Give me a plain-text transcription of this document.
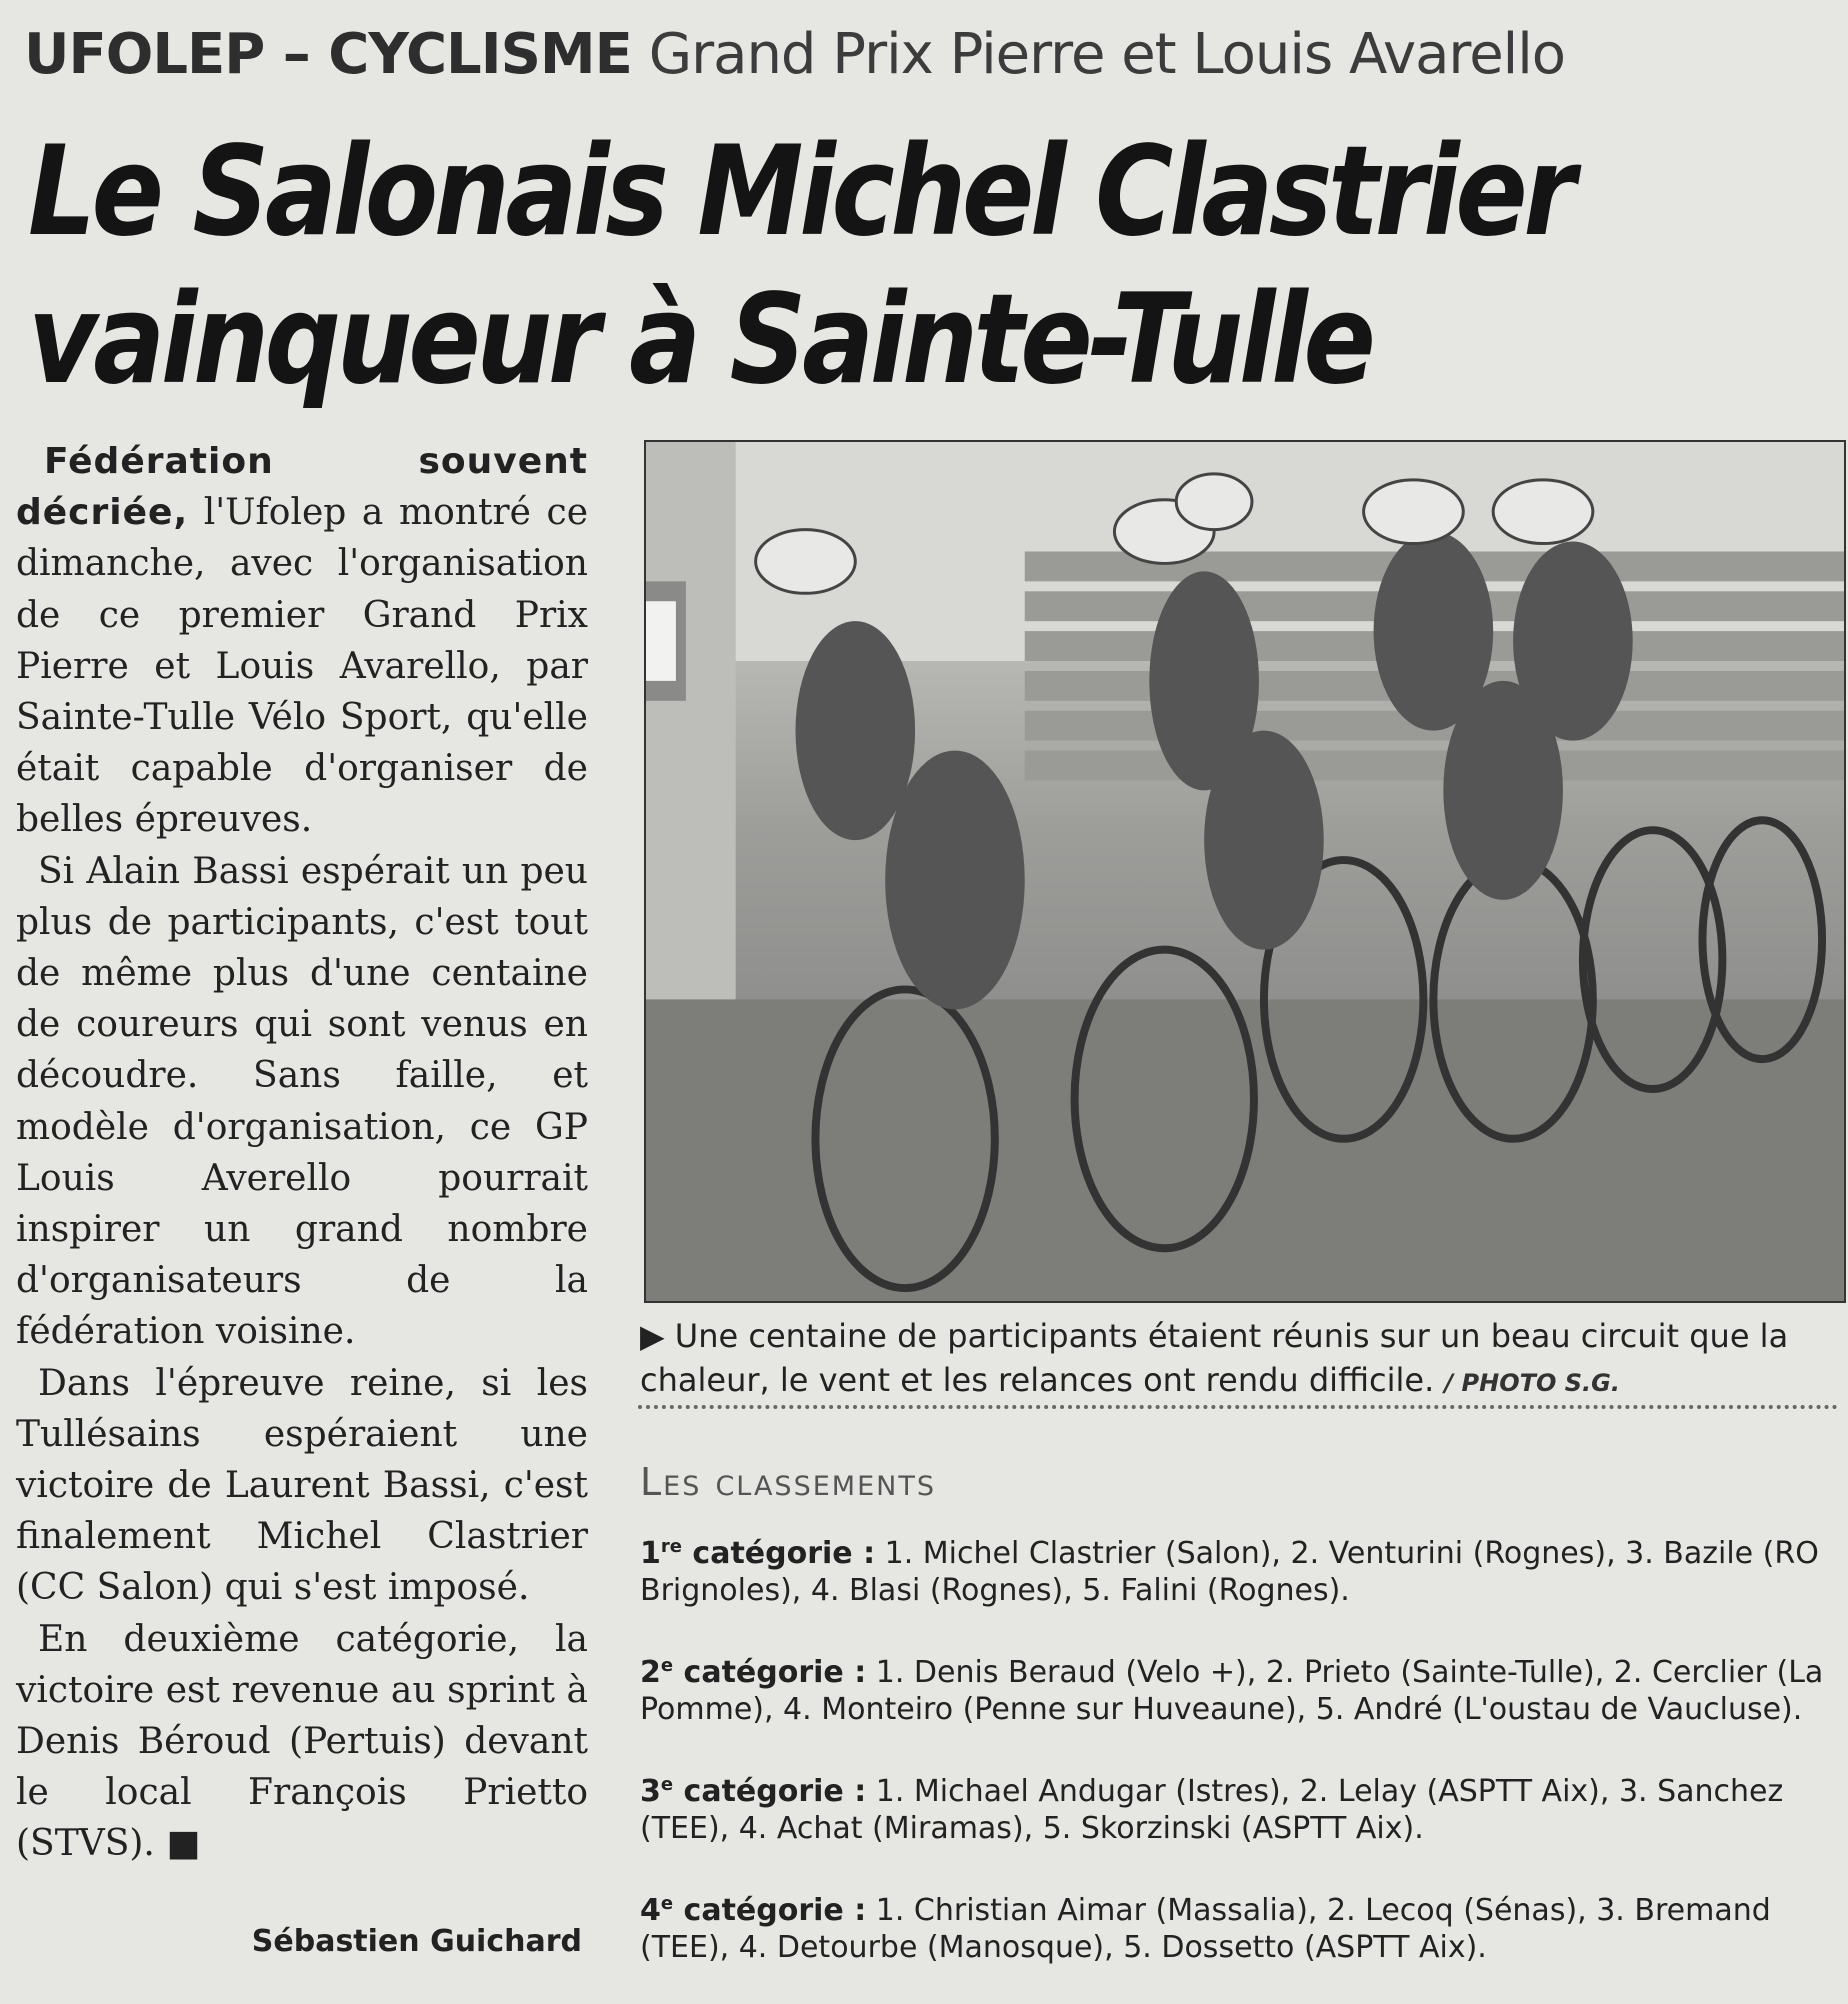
UFOLEP – CYCLISME Grand Prix Pierre et Louis Avarello
Le Salonais Michel Clastrier
vainqueur à Sainte-Tulle

Fédération souvent décriée, l'Ufolep a montré ce dimanche, avec l'organisation de ce premier Grand Prix Pierre et Louis Avarello, par Sainte-Tulle Vélo Sport, qu'elle était capable d'organiser de belles épreuves.

Si Alain Bassi espérait un peu plus de participants, c'est tout de même plus d'une centaine de coureurs qui sont venus en découdre. Sans faille, et modèle d'organisation, ce GP Louis Averello pourrait inspirer un grand nombre d'organisateurs de la fédération voisine.

Dans l'épreuve reine, si les Tullésains espéraient une victoire de Laurent Bassi, c'est finalement Michel Clastrier (CC Salon) qui s'est imposé.

En deuxième catégorie, la victoire est revenue au sprint à Denis Béroud (Pertuis) devant le local François Prietto (STVS). ■

Sébastien Guichard
▶ Une centaine de participants étaient réunis sur un beau circuit que la chaleur, le vent et les relances ont rendu difficile. / PHOTO S.G.
Les classements
1re catégorie : 1. Michel Clastrier (Salon), 2. Venturini (Rognes), 3. Bazile (RO Brignoles), 4. Blasi (Rognes), 5. Falini (Rognes).
2e catégorie : 1. Denis Beraud (Velo +), 2. Prieto (Sainte-Tulle), 2. Cerclier (La Pomme), 4. Monteiro (Penne sur Huveaune), 5. André (L'oustau de Vaucluse).
3e catégorie : 1. Michael Andugar (Istres), 2. Lelay (ASPTT Aix), 3. Sanchez (TEE), 4. Achat (Miramas), 5. Skorzinski (ASPTT Aix).
4e catégorie : 1. Christian Aimar (Massalia), 2. Lecoq (Sénas), 3. Bremand (TEE), 4. Detourbe (Manosque), 5. Dossetto (ASPTT Aix).
